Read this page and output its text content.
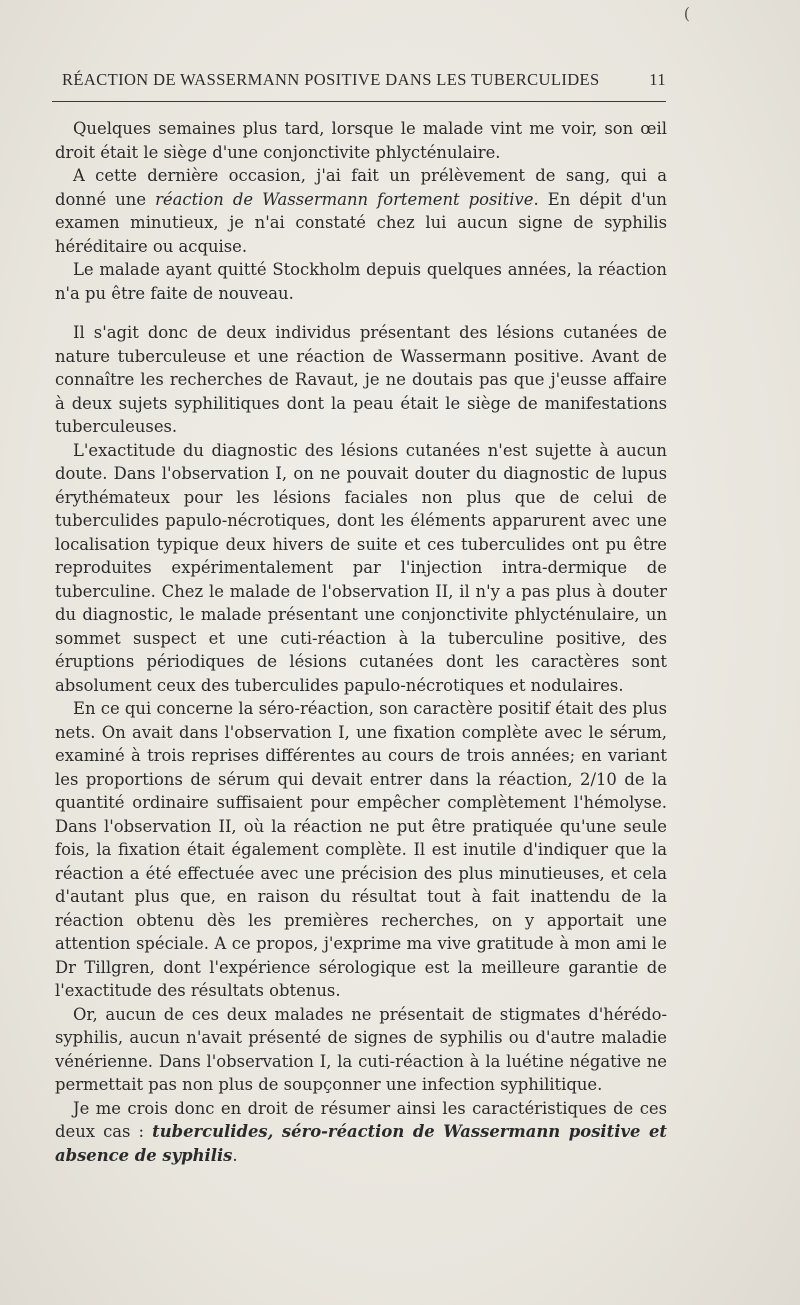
(
RÉACTION DE WASSERMANN POSITIVE DANS LES TUBERCULIDES	11

Quelques semaines plus tard, lorsque le malade vint me voir, son œil droit était le siège d'une conjonctivite phlycténulaire.

A cette dernière occasion, j'ai fait un prélèvement de sang, qui a donné une réaction de Wassermann fortement positive. En dépit d'un examen minutieux, je n'ai constaté chez lui aucun signe de syphilis héréditaire ou acquise.

Le malade ayant quitté Stockholm depuis quelques années, la réaction n'a pu être faite de nouveau.

Il s'agit donc de deux individus présentant des lésions cutanées de nature tuberculeuse et une réaction de Wassermann positive. Avant de connaître les recherches de Ravaut, je ne doutais pas que j'eusse affaire à deux sujets syphilitiques dont la peau était le siège de manifestations tuberculeuses.

L'exactitude du diagnostic des lésions cutanées n'est sujette à aucun doute. Dans l'observation I, on ne pouvait douter du diagnostic de lupus érythémateux pour les lésions faciales non plus que de celui de tuberculides papulo-nécrotiques, dont les éléments apparurent avec une localisation typique deux hivers de suite et ces tuberculides ont pu être reproduites expérimentalement par l'injection intra-dermique de tuberculine. Chez le malade de l'observation II, il n'y a pas plus à douter du diagnostic, le malade présentant une conjonctivite phlycténulaire, un sommet suspect et une cuti-réaction à la tuberculine positive, des éruptions périodiques de lésions cutanées dont les caractères sont absolument ceux des tuberculides papulo-nécrotiques et nodulaires.

En ce qui concerne la séro-réaction, son caractère positif était des plus nets. On avait dans l'observation I, une fixation complète avec le sérum, examiné à trois reprises différentes au cours de trois années; en variant les proportions de sérum qui devait entrer dans la réaction, 2/10 de la quantité ordinaire suffisaient pour empêcher complètement l'hémolyse. Dans l'observation II, où la réaction ne put être pratiquée qu'une seule fois, la fixation était également complète. Il est inutile d'indiquer que la réaction a été effectuée avec une précision des plus minutieuses, et cela d'autant plus que, en raison du résultat tout à fait inattendu de la réaction obtenu dès les premières recherches, on y apportait une attention spéciale. A ce propos, j'exprime ma vive gratitude à mon ami le Dr Tillgren, dont l'expérience sérologique est la meilleure garantie de l'exactitude des résultats obtenus.

Or, aucun de ces deux malades ne présentait de stigmates d'hérédo-syphilis, aucun n'avait présenté de signes de syphilis ou d'autre maladie vénérienne. Dans l'observation I, la cuti-réaction à la luétine négative ne permettait pas non plus de soupçonner une infection syphilitique.

Je me crois donc en droit de résumer ainsi les caractéristiques de ces deux cas : tuberculides, séro-réaction de Wassermann positive et absence de syphilis.
